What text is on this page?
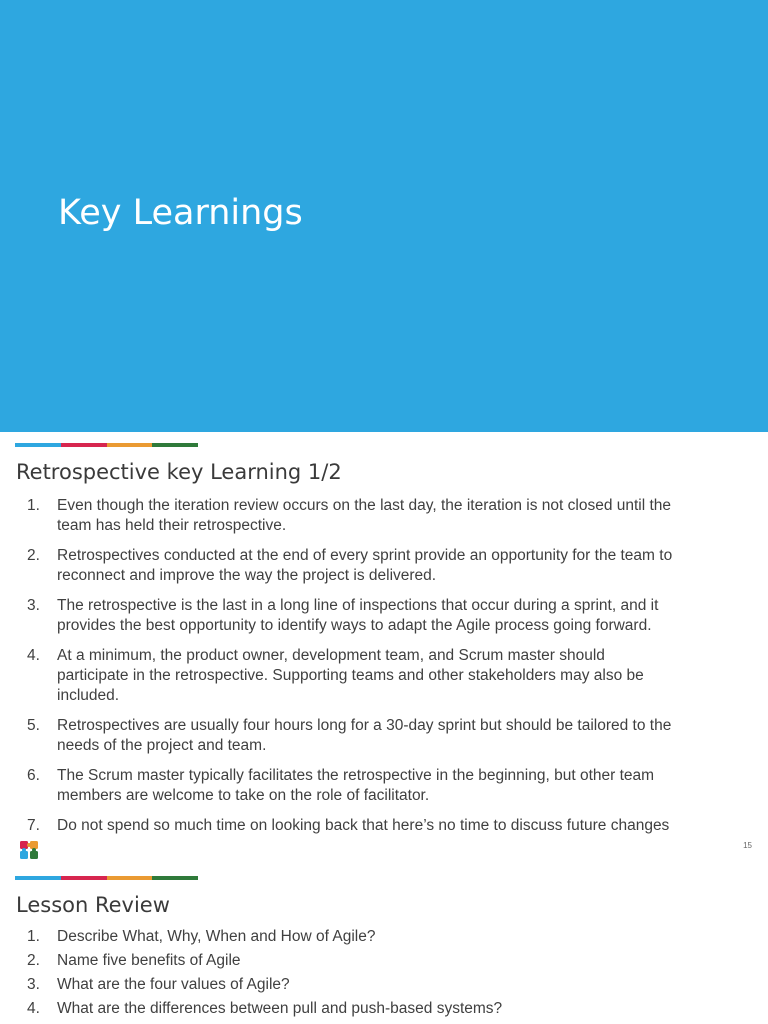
Key Learnings
Retrospective key Learning 1/2
1. Even though the iteration review occurs on the last day, the iteration is not closed until the team has held their retrospective.
2. Retrospectives conducted at the end of every sprint provide an opportunity for the team to reconnect and improve the way the project is delivered.
3. The retrospective is the last in a long line of inspections that occur during a sprint, and it provides the best opportunity to identify ways to adapt the Agile process going forward.
4. At a minimum, the product owner, development team, and Scrum master should participate in the retrospective. Supporting teams and other stakeholders may also be included.
5. Retrospectives are usually four hours long for a 30-day sprint but should be tailored to the needs of the project and team.
6. The Scrum master typically facilitates the retrospective in the beginning, but other team members are welcome to take on the role of facilitator.
7. Do not spend so much time on looking back that here’s no time to discuss future changes
15
Lesson Review
1. Describe What, Why, When and How of Agile?
2. Name five benefits of Agile
3. What are the four values of Agile?
4. What are the differences between pull and push-based systems?
